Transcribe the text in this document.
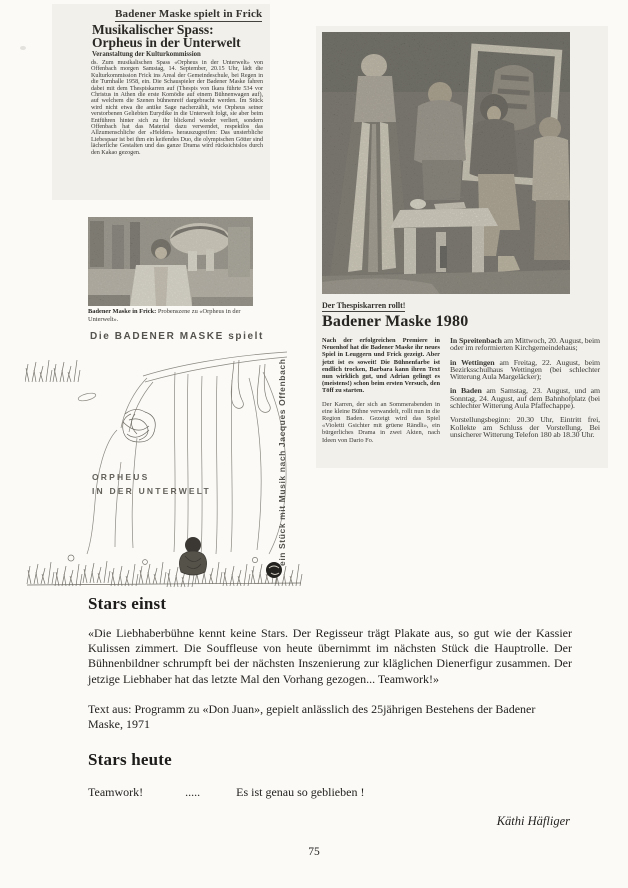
Badener Maske spielt in Frick
Musikalischer Spass:
Orpheus in der Unterwelt
Veranstaltung der Kulturkommission
ds. Zum musikalischen Spass «Orpheus in der Unterwelt» von Offenbach morgen Samstag, 14. September, 20.15 Uhr, lädt die Kulturkommission Frick ins Areal der Gemeindeschule, bei Regen in die Turnhalle 1958, ein. Die Schauspieler der Badener Maske fahren dabei mit dem Thespiskarren auf (Thespis von Ikara führte 534 vor Christus in Athen die erste Komödie auf einem Bühnenwagen auf), auf welchem die Szenen bühnenreif dargebracht werden. Im Stück wird nicht etwa die antike Sage nacherzählt, wie Orpheus seiner verstorbenen Geliebten Eurydike in die Unterwelt folgt, sie aber beim Entführen hinter sich zu ihr blickend wieder verliert, sondern Offenbach hat das Material dazu verwendet, respektlos das Allzumenschliche der «Helden» herauszugreifen: Das unsterbliche Liebespaar ist bei ihm ein keifendes Duo, die olympischen Götter sind lächerliche Gestalten und das ganze Drama wird rücksichtslos durch den Kakao gezogen.
Badener Maske in Frick: Probenszene zu «Orpheus in der Unterwelt».
Die BADENER MASKE spielt
ORPHEUS
IN DER UNTERWELT	ein Stück mit Musik nach Jacques Offenbach
Der Thespiskarren rollt!
Badener Maske 1980

Nach der erfolgreichen Premiere in Neuenhof hat die Badener Maske ihr neues Spiel in Leuggern und Frick gezeigt. Aber jetzt ist es soweit! Die Bühnenfarbe ist endlich trocken, Barbara kann ihren Text nun wirklich gut, und Adrian gelingt es (meistens!) schon beim ersten Versuch, den Töff zu starten.

Der Karren, der sich an Sommerabenden in eine kleine Bühne verwandelt, rollt nun in die Region Baden. Gezeigt wird das Spiel «Violetti Gsichter mit grüene Rändli», ein bürgerliches Drama in zwei Akten, nach Ideen von Dario Fo.

In Spreitenbach am Mittwoch, 20. August, beim oder im reformierten Kirchgemeindehaus;

in Wettingen am Freitag, 22. August, beim Bezirksschulhaus Wettingen (bei schlechter Witterung Aula Margeläcker);

in Baden am Samstag, 23. August, und am Sonntag, 24. August, auf dem Bahnhofplatz (bei schlechter Witterung Aula Pfaffechappe).

Vorstellungsbeginn: 20.30 Uhr, Eintritt frei, Kollekte am Schluss der Vorstellung. Bei unsicherer Witterung Telefon 180 ab 18.30 Uhr.

Stars einst
«Die Liebhaberbühne kennt keine Stars. Der Regisseur trägt Plakate aus, so gut wie der Kassier Kulissen zimmert. Die Souffleuse von heute übernimmt im nächsten Stück die Hauptrolle. Der Bühnenbildner schrumpft bei der nächsten Inszenierung zur kläglichen Dienerfigur zusammen. Der jetzige Liebhaber hat das letzte Mal den Vorhang gezogen... Teamwork!»
Text aus: Programm zu «Don Juan», gepielt anlässlich des 25jährigen Bestehens der Badener Maske, 1971
Stars heute
Teamwork!	.....	Es ist genau so geblieben !
Käthi Häfliger
75
